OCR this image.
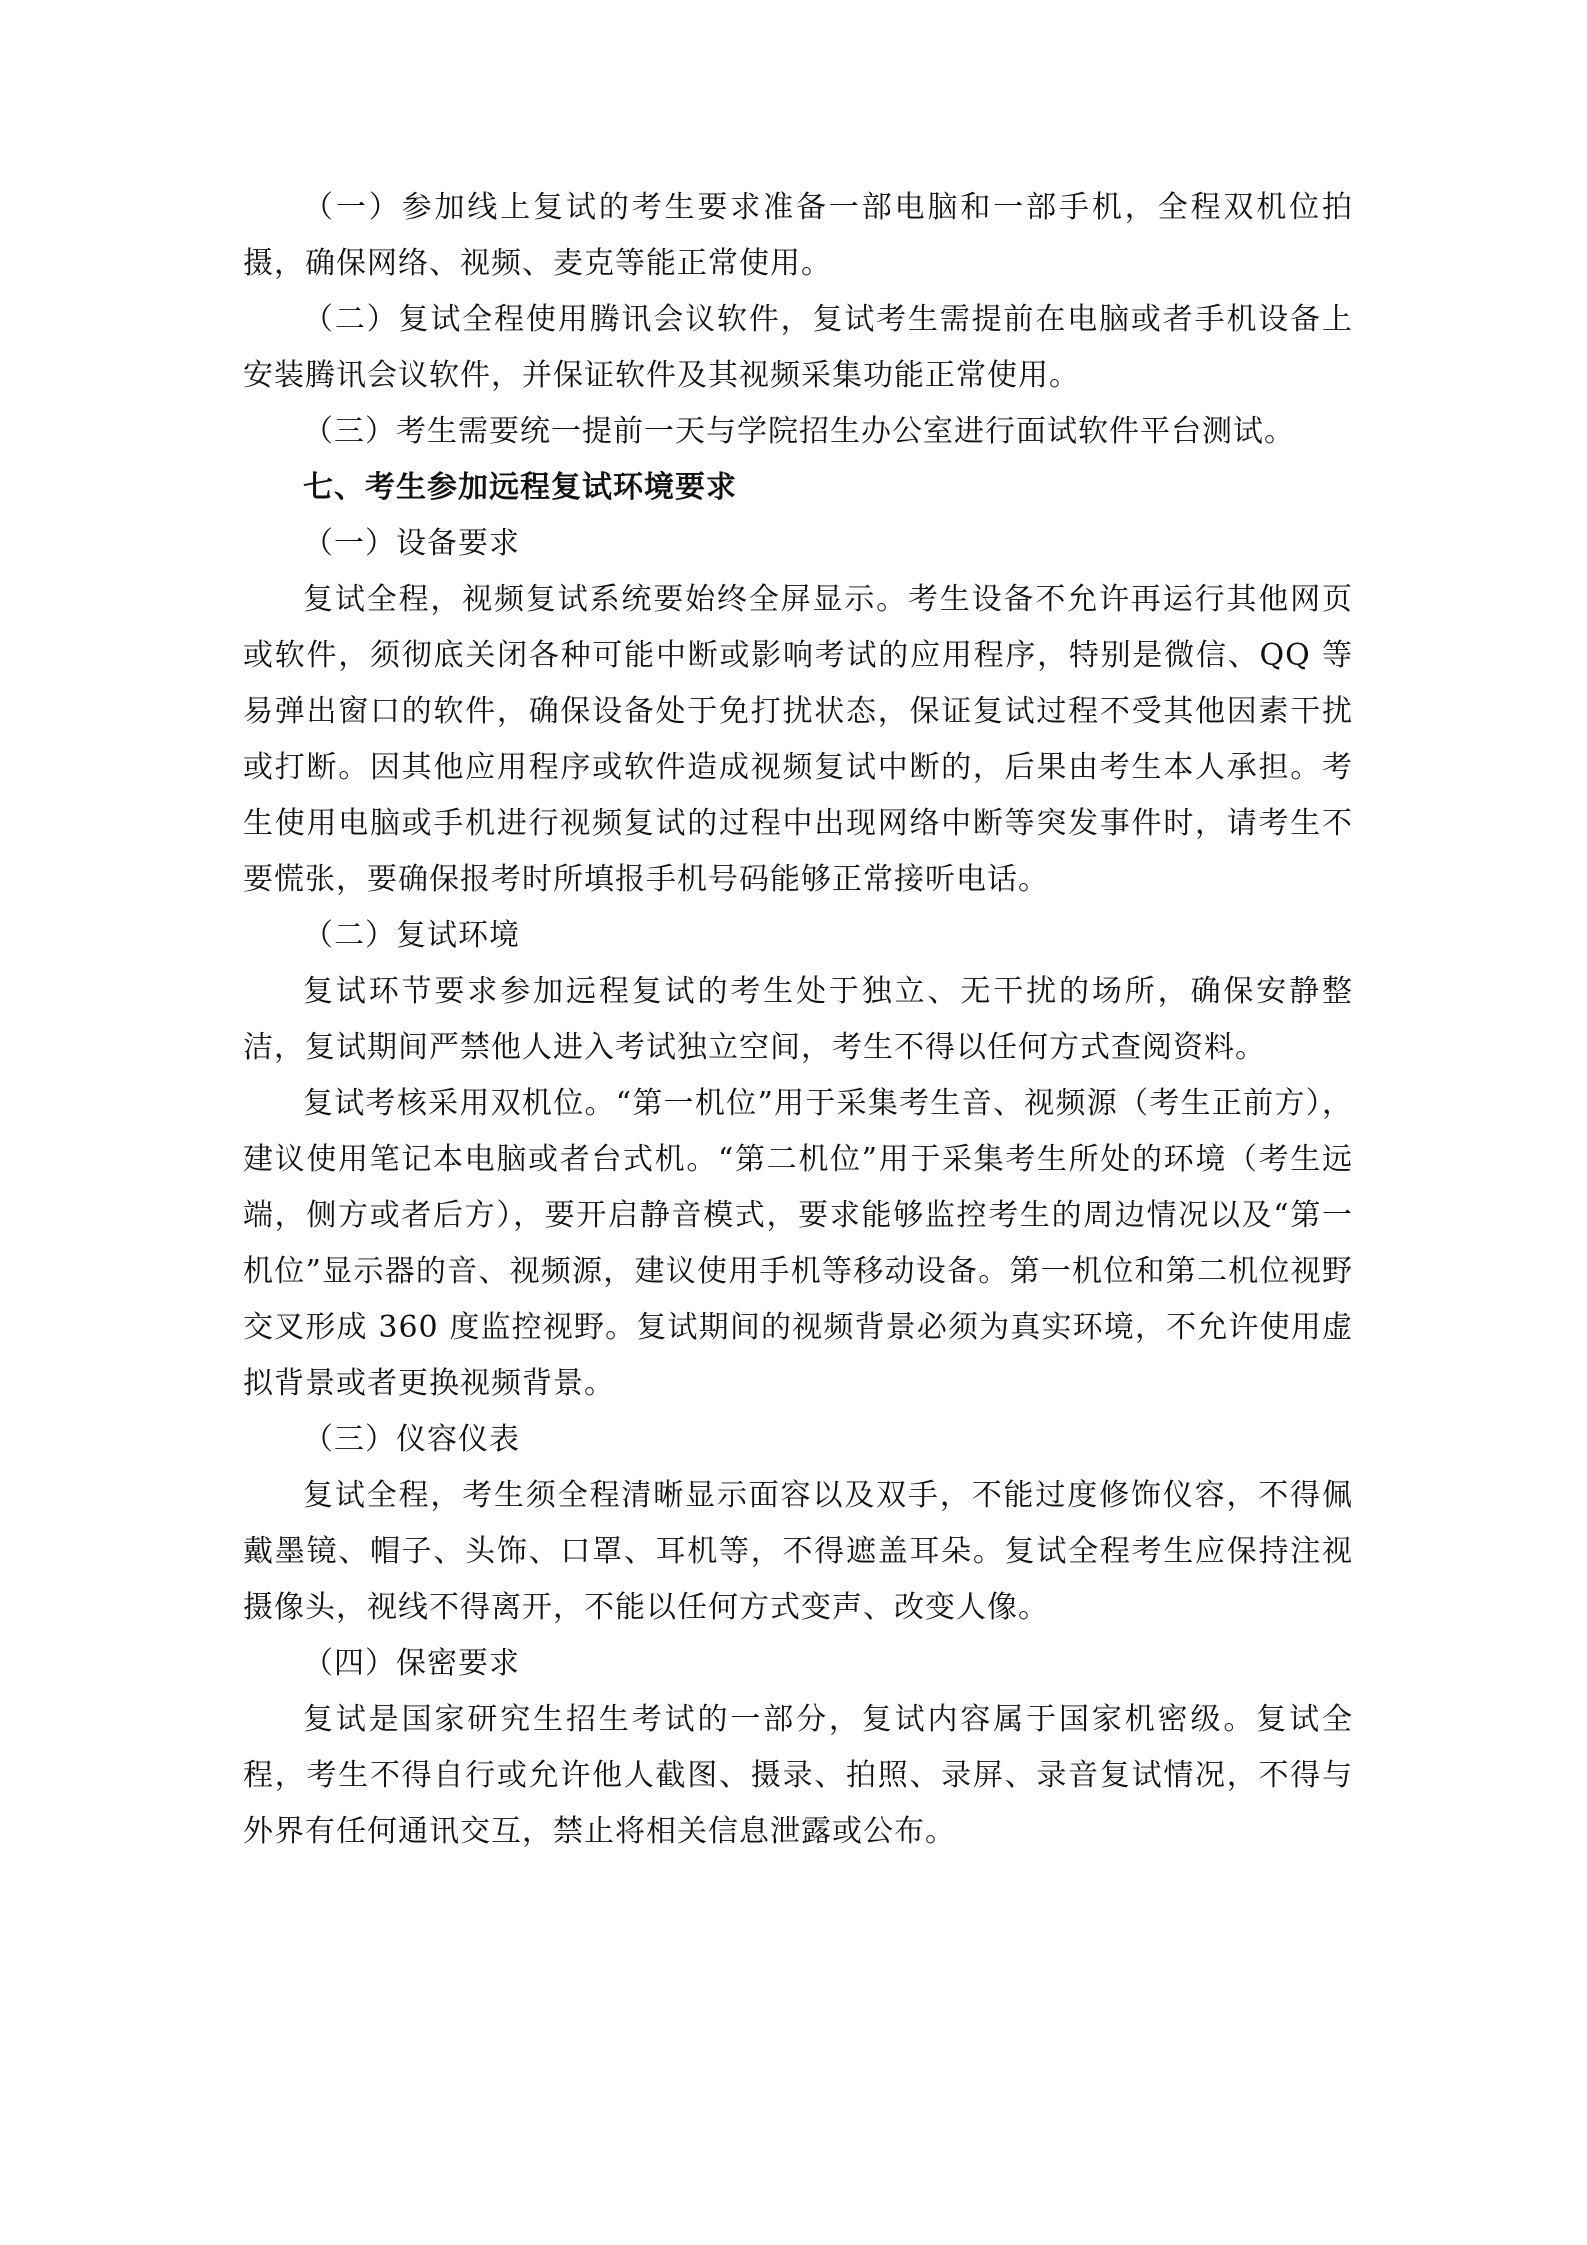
（一）参加线上复试的考生要求准备一部电脑和一部手机，全程双机位拍摄，确保网络、视频、麦克等能正常使用。

（二）复试全程使用腾讯会议软件，复试考生需提前在电脑或者手机设备上安装腾讯会议软件，并保证软件及其视频采集功能正常使用。

（三）考生需要统一提前一天与学院招生办公室进行面试软件平台测试。

七、考生参加远程复试环境要求

（一）设备要求

复试全程，视频复试系统要始终全屏显示。考生设备不允许再运行其他网页或软件，须彻底关闭各种可能中断或影响考试的应用程序，特别是微信、QQ 等易弹出窗口的软件，确保设备处于免打扰状态，保证复试过程不受其他因素干扰或打断。因其他应用程序或软件造成视频复试中断的，后果由考生本人承担。考生使用电脑或手机进行视频复试的过程中出现网络中断等突发事件时，请考生不要慌张，要确保报考时所填报手机号码能够正常接听电话。

（二）复试环境

复试环节要求参加远程复试的考生处于独立、无干扰的场所，确保安静整洁，复试期间严禁他人进入考试独立空间，考生不得以任何方式查阅资料。

复试考核采用双机位。“第一机位”用于采集考生音、视频源（考生正前方），建议使用笔记本电脑或者台式机。“第二机位”用于采集考生所处的环境（考生远端，侧方或者后方），要开启静音模式，要求能够监控考生的周边情况以及“第一机位”显示器的音、视频源，建议使用手机等移动设备。第一机位和第二机位视野交叉形成 360 度监控视野。复试期间的视频背景必须为真实环境，不允许使用虚拟背景或者更换视频背景。

（三）仪容仪表

复试全程，考生须全程清晰显示面容以及双手，不能过度修饰仪容，不得佩戴墨镜、帽子、头饰、口罩、耳机等，不得遮盖耳朵。复试全程考生应保持注视摄像头，视线不得离开，不能以任何方式变声、改变人像。

（四）保密要求

复试是国家研究生招生考试的一部分，复试内容属于国家机密级。复试全程，考生不得自行或允许他人截图、摄录、拍照、录屏、录音复试情况，不得与外界有任何通讯交互，禁止将相关信息泄露或公布。
